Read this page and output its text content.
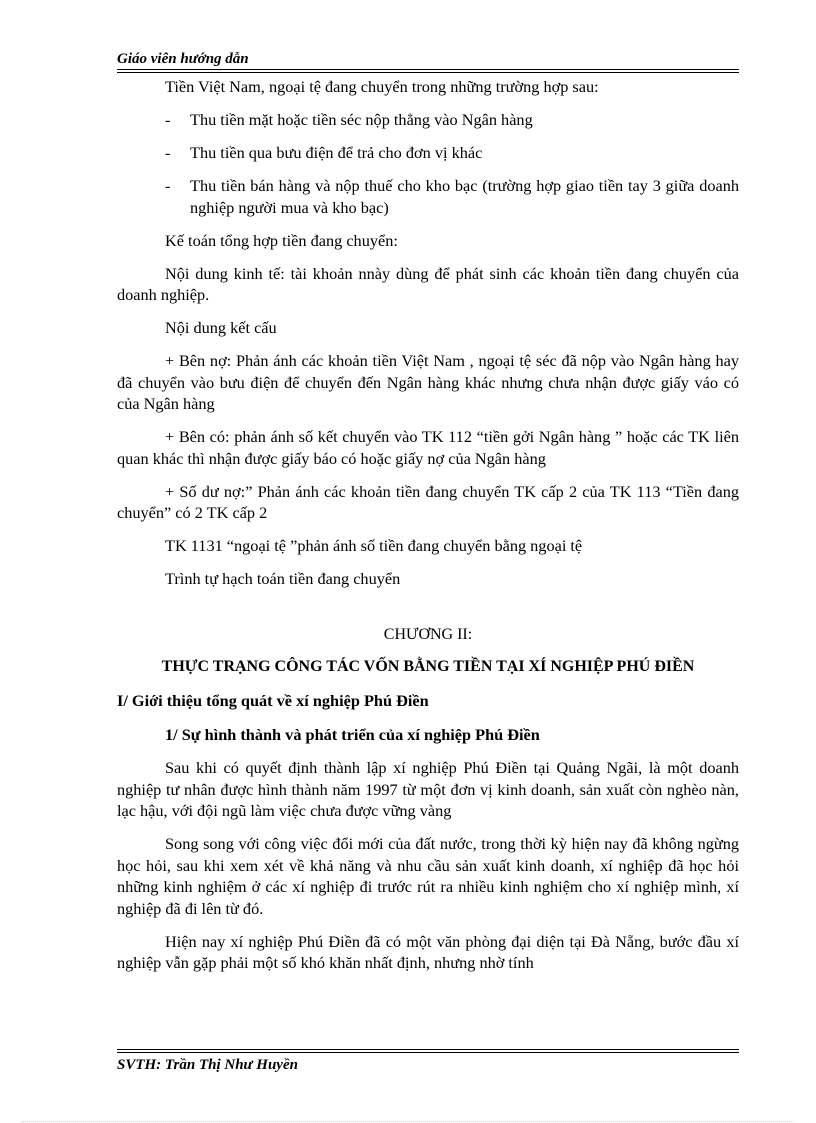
Giáo viên hướng dẫn

Tiền Việt Nam, ngoại tệ đang chuyển trong những trường hợp sau:

-	Thu tiền mặt hoặc tiền séc nộp thẳng vào Ngân hàng
-	Thu tiền qua bưu điện để trả cho đơn vị khác
-	Thu tiền bán hàng và nộp thuế cho kho bạc (trường hợp giao tiền tay 3 giữa doanh nghiệp người mua và kho bạc)

Kế toán tổng hợp tiền đang chuyển:

Nội dung kinh tế: tài khoản nnày dùng để phát sinh các khoản tiền đang chuyển của doanh nghiệp.

Nội dung kết cấu

+ Bên nợ: Phản ánh các khoản tiền Việt Nam , ngoại tệ séc đã nộp vào Ngân hàng hay đã chuyển vào bưu điện để chuyển đến Ngân hàng khác nhưng chưa nhận được giấy váo có của Ngân hàng

+ Bên có: phản ánh số kết chuyển vào TK 112 “tiền gởi Ngân hàng ” hoặc các TK liên quan khác thì nhận được giấy báo có hoặc giấy nợ của Ngân hàng

+ Số dư nợ:” Phản ánh các khoản tiền đang chuyển TK cấp 2 của TK 113 “Tiền đang chuyển” có 2 TK cấp 2

TK 1131 “ngoại tệ ”phản ánh số tiền đang chuyển bằng ngoại tệ

Trình tự hạch toán tiền đang chuyển

CHƯƠNG II:
THỰC TRẠNG CÔNG TÁC VỐN BẰNG TIỀN TẠI XÍ NGHIỆP PHÚ ĐIỀN
I/ Giới thiệu tổng quát về xí nghiệp Phú Điền
1/ Sự hình thành và phát triển của xí nghiệp Phú Điền

Sau khi có quyết định thành lập xí nghiệp Phú Điền tại Quảng Ngãi, là một doanh nghiệp tư nhân được hình thành năm 1997 từ một đơn vị kinh doanh, sản xuất còn nghèo nàn, lạc hậu, với đội ngũ làm việc chưa được vững vàng

Song song với công việc đổi mới của đất nước, trong thời kỳ hiện nay đã không ngừng học hỏi, sau khi xem xét về khả năng và nhu cầu sản xuất kinh doanh, xí nghiệp đã học hỏi những kinh nghiệm ở các xí nghiệp đi trước rút ra nhiều kinh nghiệm cho xí nghiệp mình, xí nghiệp đã đi lên từ đó.

Hiện nay xí nghiệp Phú Điền đã có một văn phòng đại diện tại Đà Nẵng, bước đầu xí nghiệp vẫn gặp phải một số khó khăn nhất định, nhưng nhờ tính

SVTH: Trần Thị Như Huyền
